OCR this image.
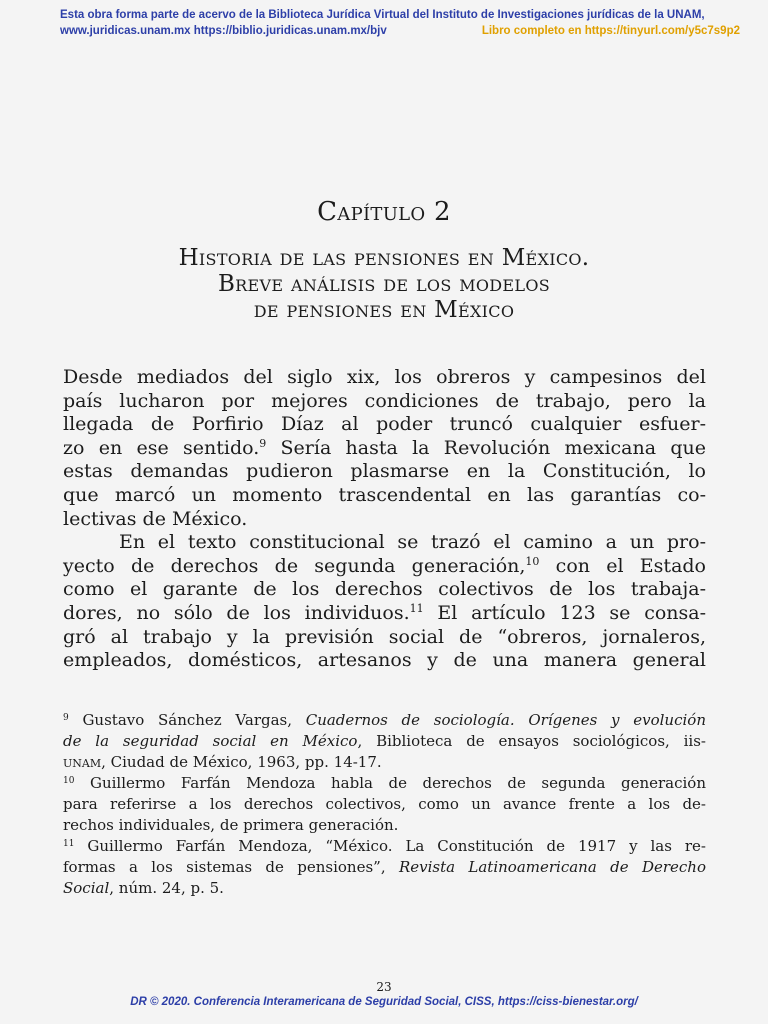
Esta obra forma parte de acervo de la Biblioteca Jurídica Virtual del Instituto de Investigaciones jurídicas de la UNAM,
www.juridicas.unam.mx https://biblio.juridicas.unam.mx/bjv	Libro completo en https://tinyurl.com/y5c7s9p2
Capítulo 2
Historia de las pensiones en México.
Breve análisis de los modelos
de pensiones en México
Desde mediados del siglo xix, los obreros y campesinos del
país lucharon por mejores condiciones de trabajo, pero la
llegada de Porfirio Díaz al poder truncó cualquier esfuer-
zo en ese sentido.$^9$ Sería hasta la Revolución mexicana que
estas demandas pudieron plasmarse en la Constitución, lo
que marcó un momento trascendental en las garantías co-
lectivas de México.
En el texto constitucional se trazó el camino a un pro-
yecto de derechos de segunda generación,$^{10}$ con el Estado
como el garante de los derechos colectivos de los trabaja-
dores, no sólo de los individuos.$^{11}$ El artículo 123 se consa-
gró al trabajo y la previsión social de “obreros, jornaleros,
empleados, domésticos, artesanos y de una manera general
$^9$ Gustavo Sánchez Vargas, Cuadernos de sociología. Orígenes y evolución
de la seguridad social en México, Biblioteca de ensayos sociológicos, iis-
unam, Ciudad de México, 1963, pp. 14-17.
$^{10}$ Guillermo Farfán Mendoza habla de derechos de segunda generación
para referirse a los derechos colectivos, como un avance frente a los de-
rechos individuales, de primera generación.
$^{11}$ Guillermo Farfán Mendoza, “México. La Constitución de 1917 y las re-
formas a los sistemas de pensiones”, Revista Latinoamericana de Derecho
Social, núm. 24, p. 5.
23
DR © 2020. Conferencia Interamericana de Seguridad Social, CISS, https://ciss-bienestar.org/
